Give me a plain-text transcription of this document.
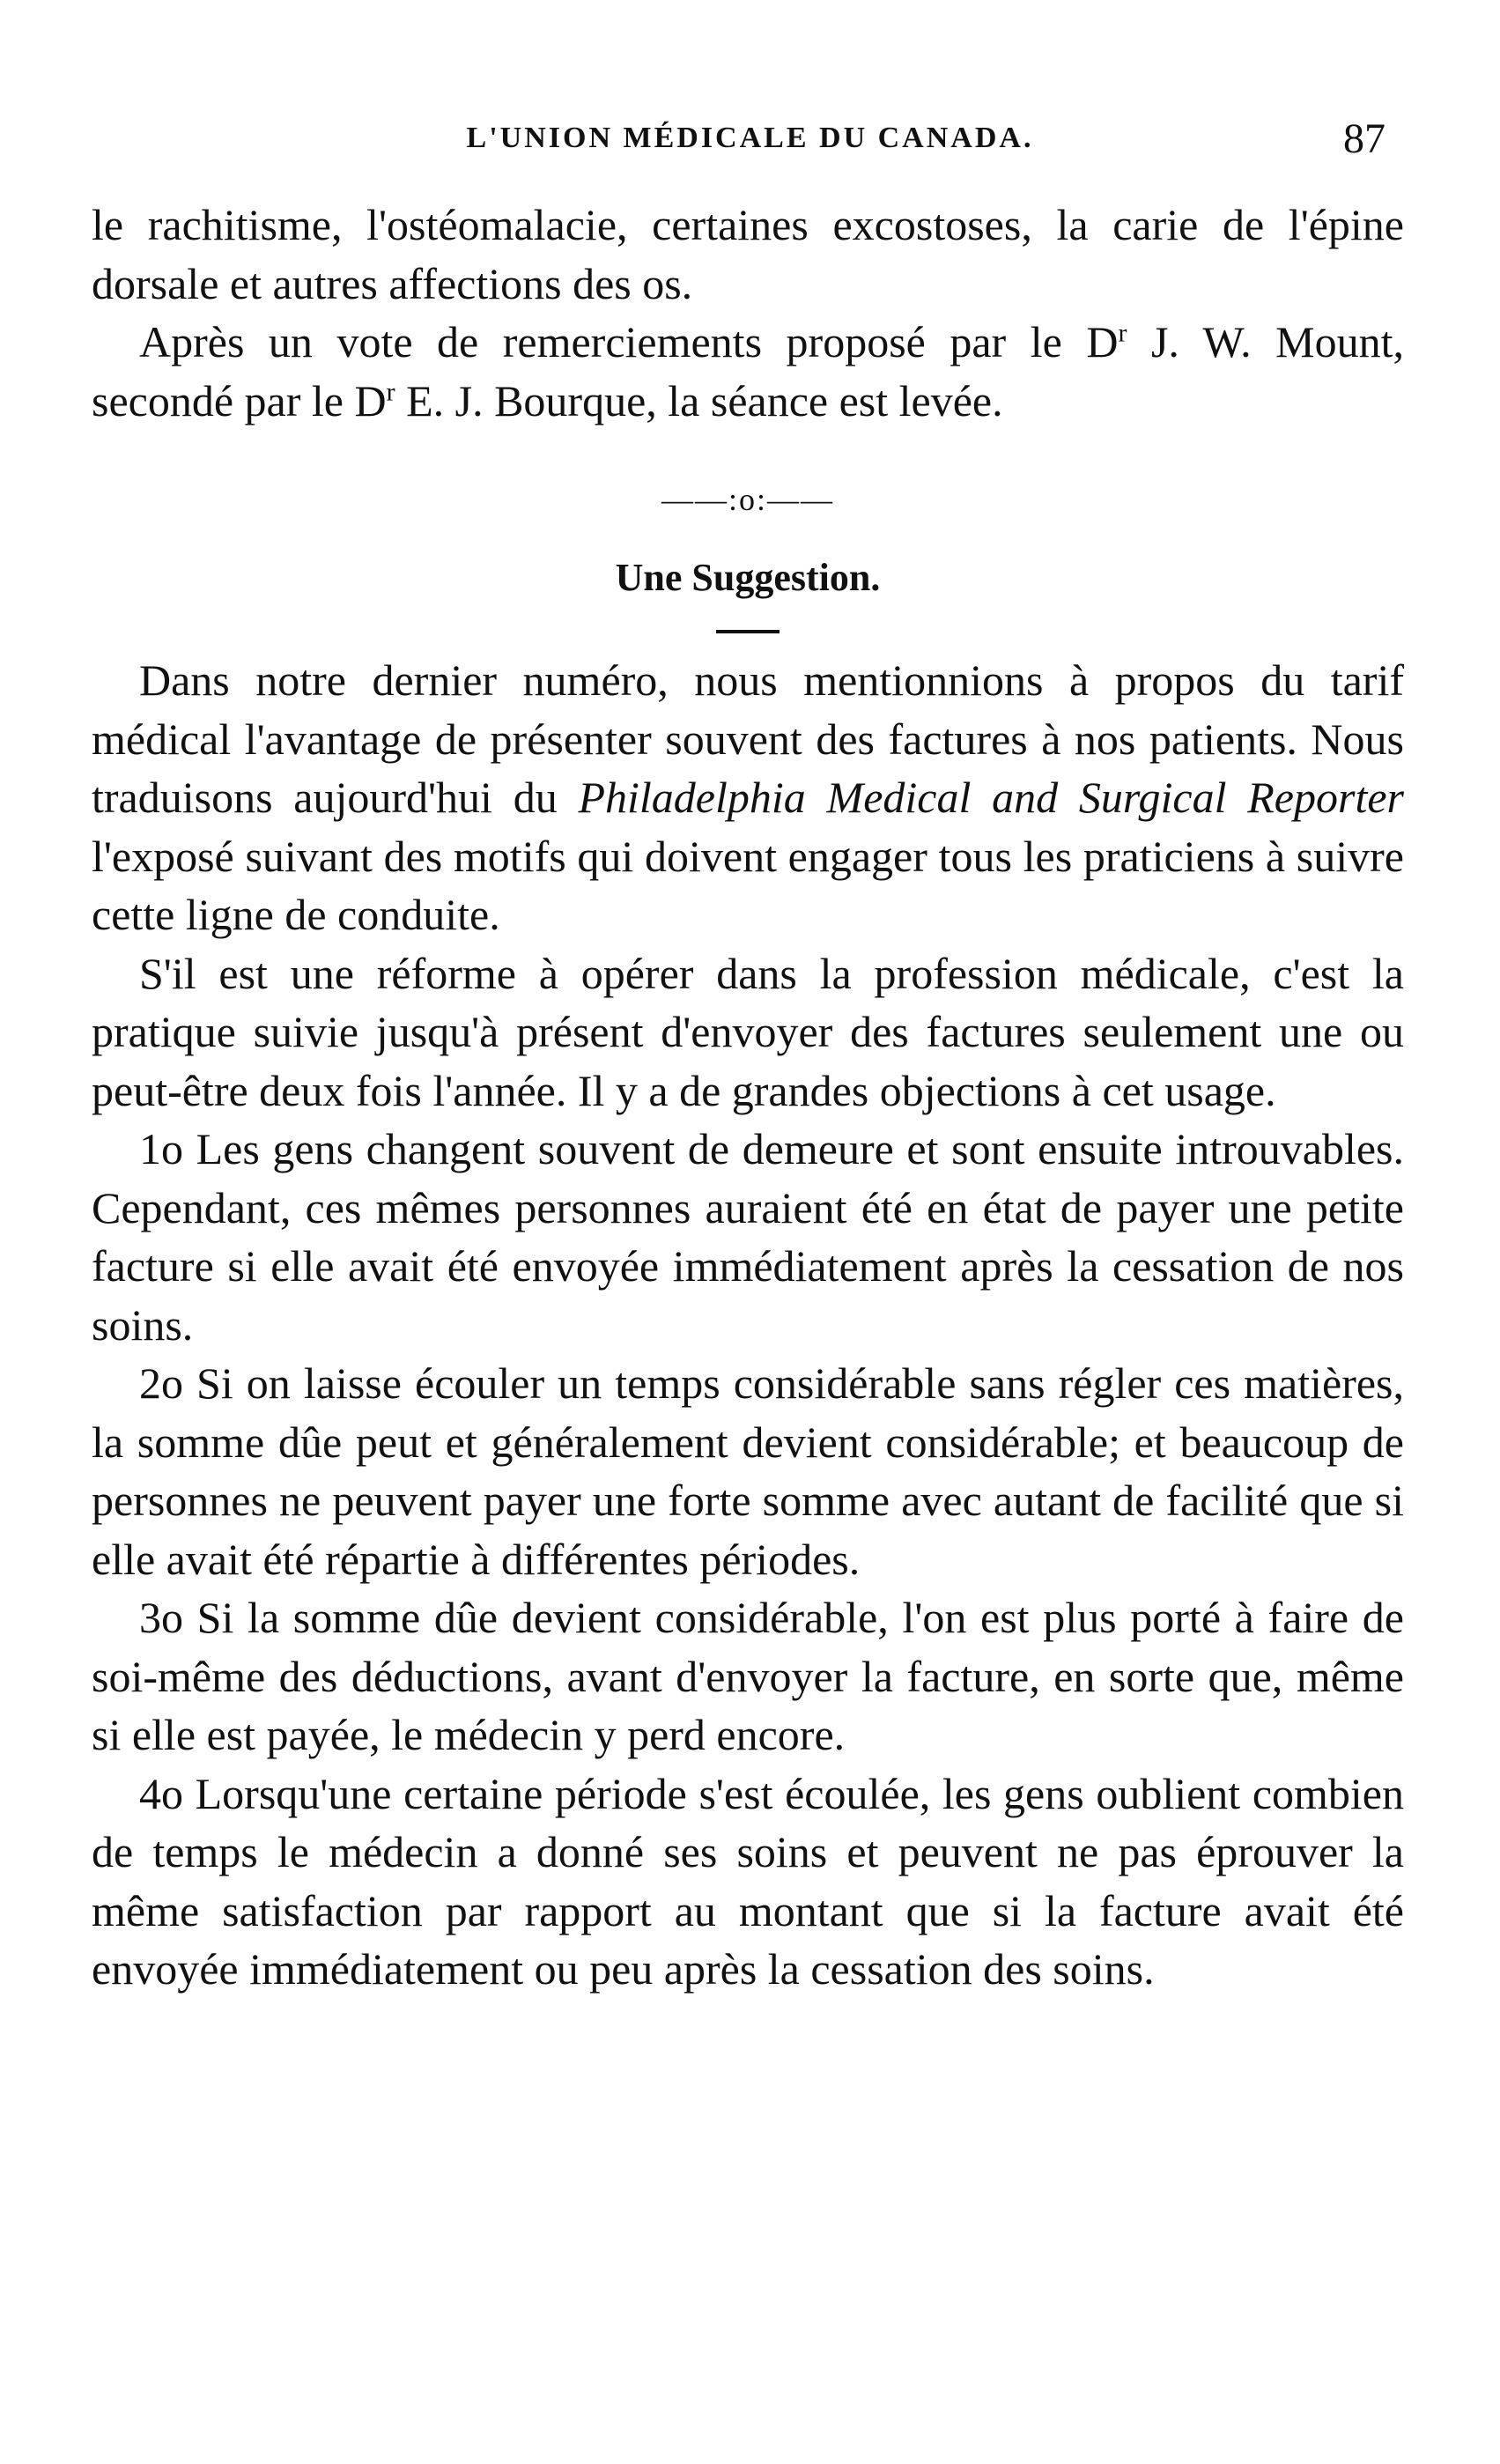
L'UNION MÉDICALE DU CANADA.	87

le rachitisme, l'ostéomalacie, certaines excostoses, la carie de l'épine dorsale et autres affections des os.

Après un vote de remerciements proposé par le $D^r$ J. W. Mount, secondé par le $D^r$ E. J. Bourque, la séance est levée.

——:o:——
Une Suggestion.

Dans notre dernier numéro, nous mentionnions à propos du tarif médical l'avantage de présenter souvent des factures à nos patients. Nous traduisons aujourd'hui du Philadelphia Medical and Surgical Reporter l'exposé suivant des motifs qui doivent engager tous les praticiens à suivre cette ligne de conduite.

S'il est une réforme à opérer dans la profession médicale, c'est la pratique suivie jusqu'à présent d'envoyer des factures seulement une ou peut-être deux fois l'année. Il y a de grandes objections à cet usage.

1o Les gens changent souvent de demeure et sont ensuite introuvables. Cependant, ces mêmes personnes auraient été en état de payer une petite facture si elle avait été envoyée immédiatement après la cessation de nos soins.

2o Si on laisse écouler un temps considérable sans régler ces matières, la somme dûe peut et généralement devient considérable; et beaucoup de personnes ne peuvent payer une forte somme avec autant de facilité que si elle avait été répartie à différentes périodes.

3o Si la somme dûe devient considérable, l'on est plus porté à faire de soi-même des déductions, avant d'envoyer la facture, en sorte que, même si elle est payée, le médecin y perd encore.

4o Lorsqu'une certaine période s'est écoulée, les gens oublient combien de temps le médecin a donné ses soins et peuvent ne pas éprouver la même satisfaction par rapport au montant que si la facture avait été envoyée immédiatement ou peu après la cessation des soins.
